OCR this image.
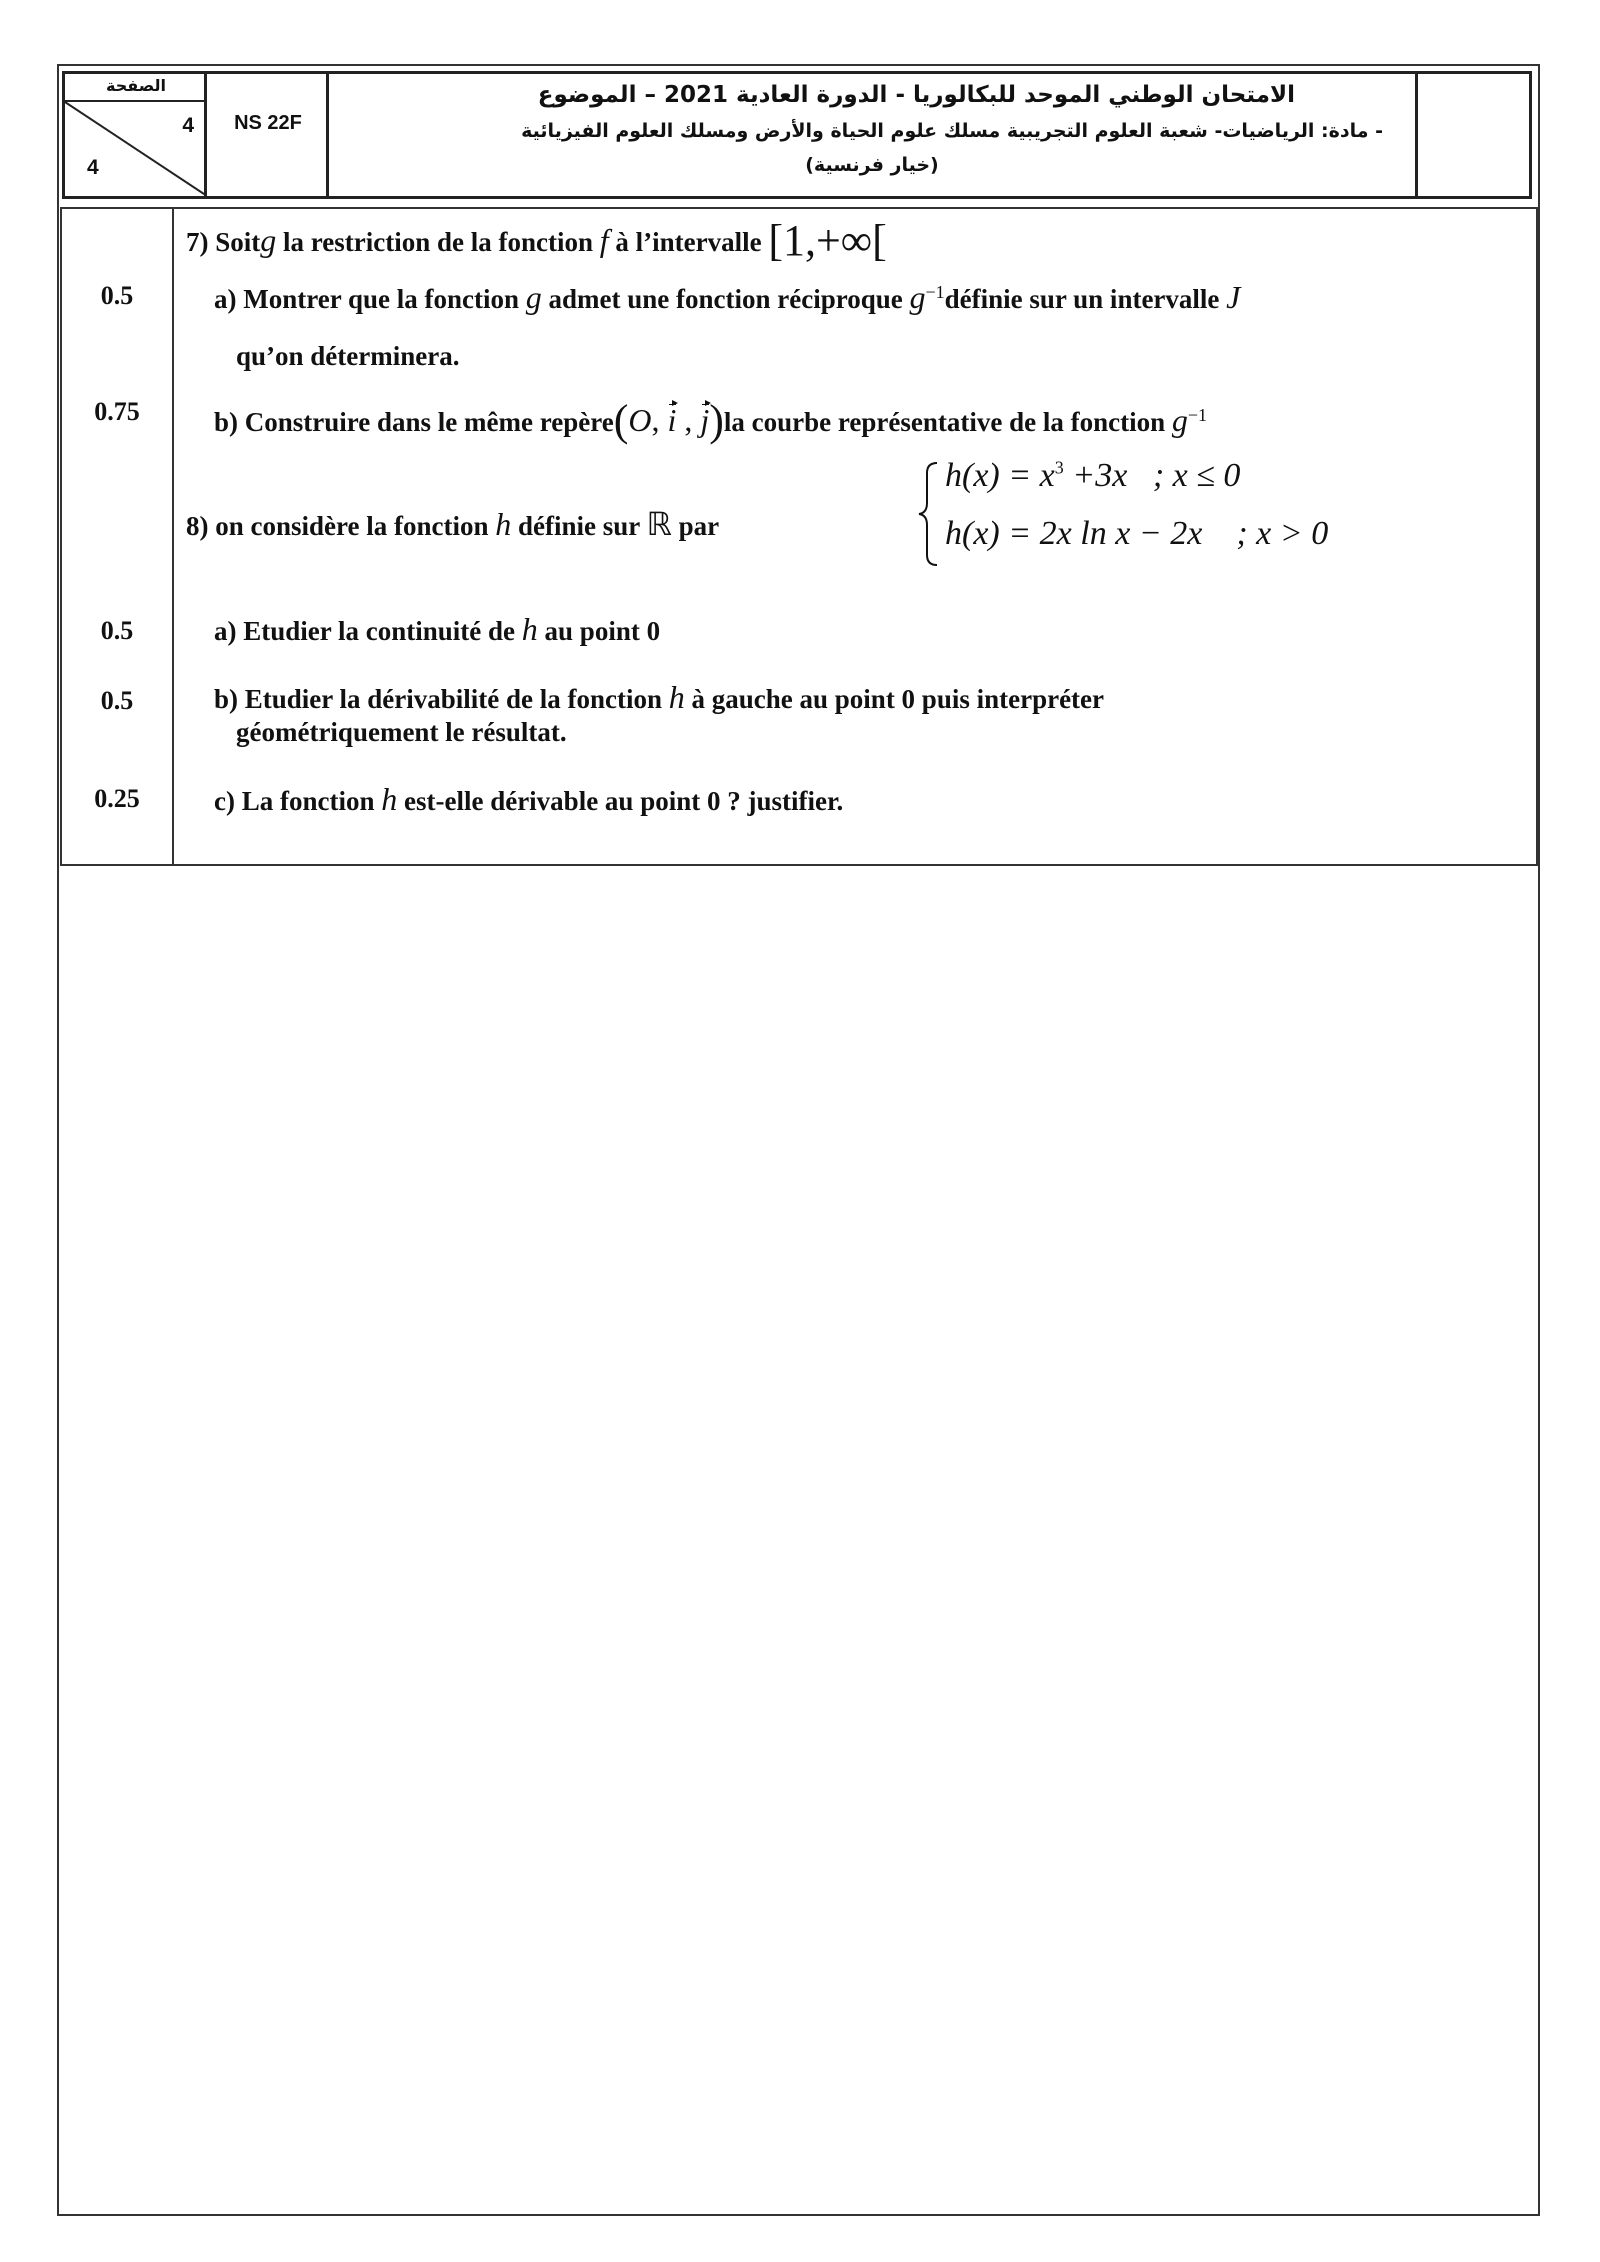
الصفحة
4
4
NS 22F
الامتحان الوطني الموحد للبكالوريا - الدورة العادية 2021 – الموضوع
- مادة: الرياضيات- شعبة العلوم التجريبية مسلك علوم الحياة والأرض ومسلك العلوم الفيزيائية
(خيار فرنسية)
0.5
0.75
0.5
0.5
0.25
7) Soitg la restriction de la fonction f à l’intervalle [1,+∞[
a) Montrer que la fonction g admet une fonction réciproque $g^{-1}définie$ sur un intervalle J
qu’on déterminera.
b) Construire dans le même repère(O, i , j)la courbe représentative de la fonction $g^{-1}$
8) on considère la fonction h définie sur ℝ par
$h(x) = x^3 +3x$ ; x ≤ 0
h(x) = 2x ln x − 2x ; x > 0
a) Etudier la continuité de h au point 0
b) Etudier la dérivabilité de la fonction h à gauche au point 0 puis interpréter
géométriquement le résultat.
c) La fonction h est-elle dérivable au point 0 ? justifier.
